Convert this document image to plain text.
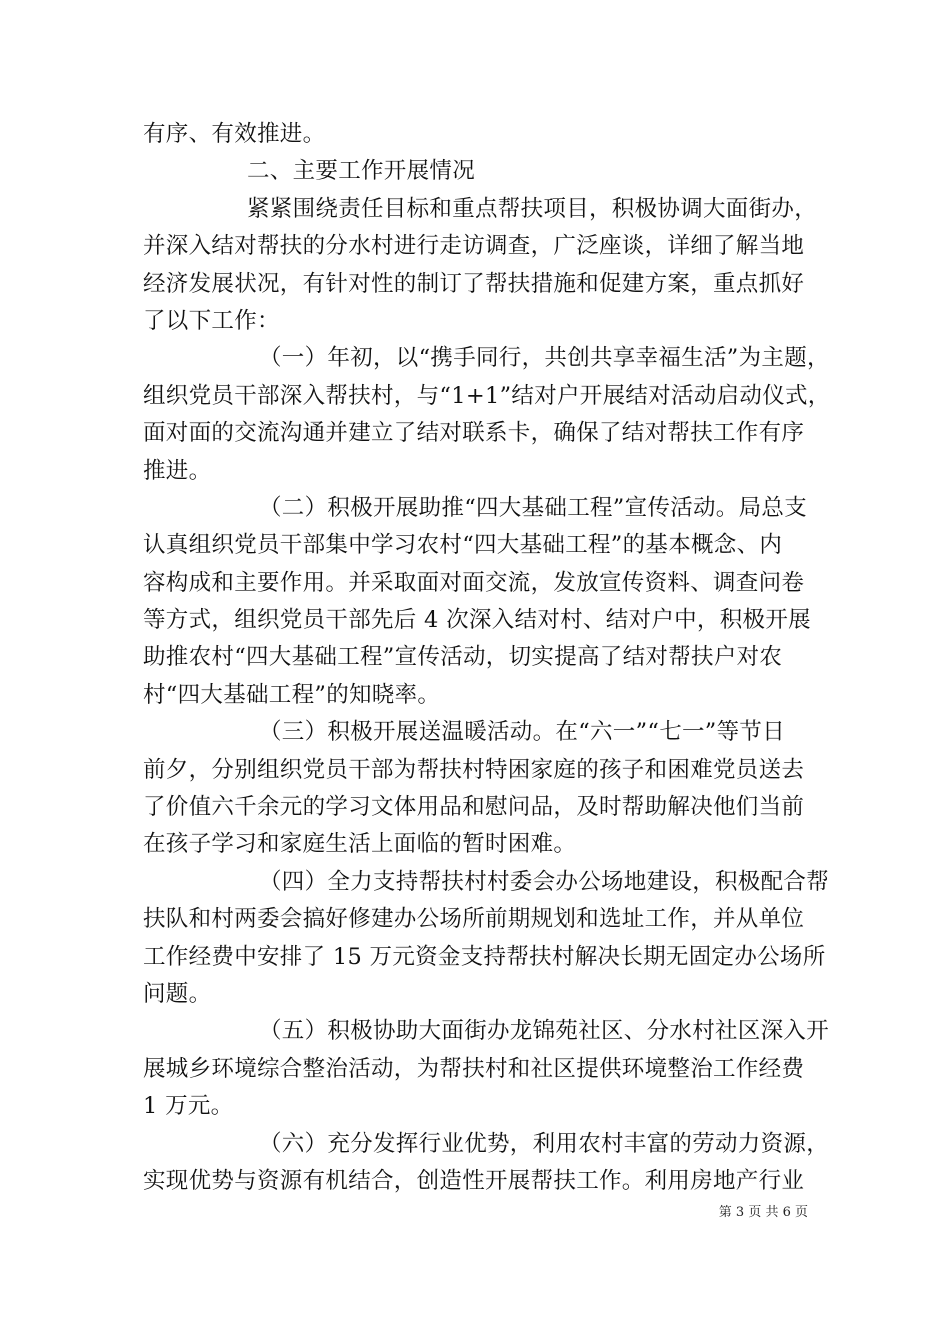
有序、有效推进。
二、主要工作开展情况
紧紧围绕责任目标和重点帮扶项目，积极协调大面街办，
并深入结对帮扶的分水村进行走访调查，广泛座谈，详细了解当地
经济发展状况，有针对性的制订了帮扶措施和促建方案，重点抓好
了以下工作：
（一）年初，以“携手同行，共创共享幸福生活”为主题，
组织党员干部深入帮扶村，与“1+1”结对户开展结对活动启动仪式，
面对面的交流沟通并建立了结对联系卡，确保了结对帮扶工作有序
推进。
（二）积极开展助推“四大基础工程”宣传活动。局总支
认真组织党员干部集中学习农村“四大基础工程”的基本概念、内
容构成和主要作用。并采取面对面交流，发放宣传资料、调查问卷
等方式，组织党员干部先后 4 次深入结对村、结对户中，积极开展
助推农村“四大基础工程”宣传活动，切实提高了结对帮扶户对农
村“四大基础工程”的知晓率。
（三）积极开展送温暖活动。在“六一”“七一”等节日
前夕，分别组织党员干部为帮扶村特困家庭的孩子和困难党员送去
了价值六千余元的学习文体用品和慰问品，及时帮助解决他们当前
在孩子学习和家庭生活上面临的暂时困难。
（四）全力支持帮扶村村委会办公场地建设，积极配合帮
扶队和村两委会搞好修建办公场所前期规划和选址工作，并从单位
工作经费中安排了 15 万元资金支持帮扶村解决长期无固定办公场所
问题。
（五）积极协助大面街办龙锦苑社区、分水村社区深入开
展城乡环境综合整治活动，为帮扶村和社区提供环境整治工作经费
1 万元。
（六）充分发挥行业优势，利用农村丰富的劳动力资源，
实现优势与资源有机结合，创造性开展帮扶工作。利用房地产行业
第 3 页 共 6 页
